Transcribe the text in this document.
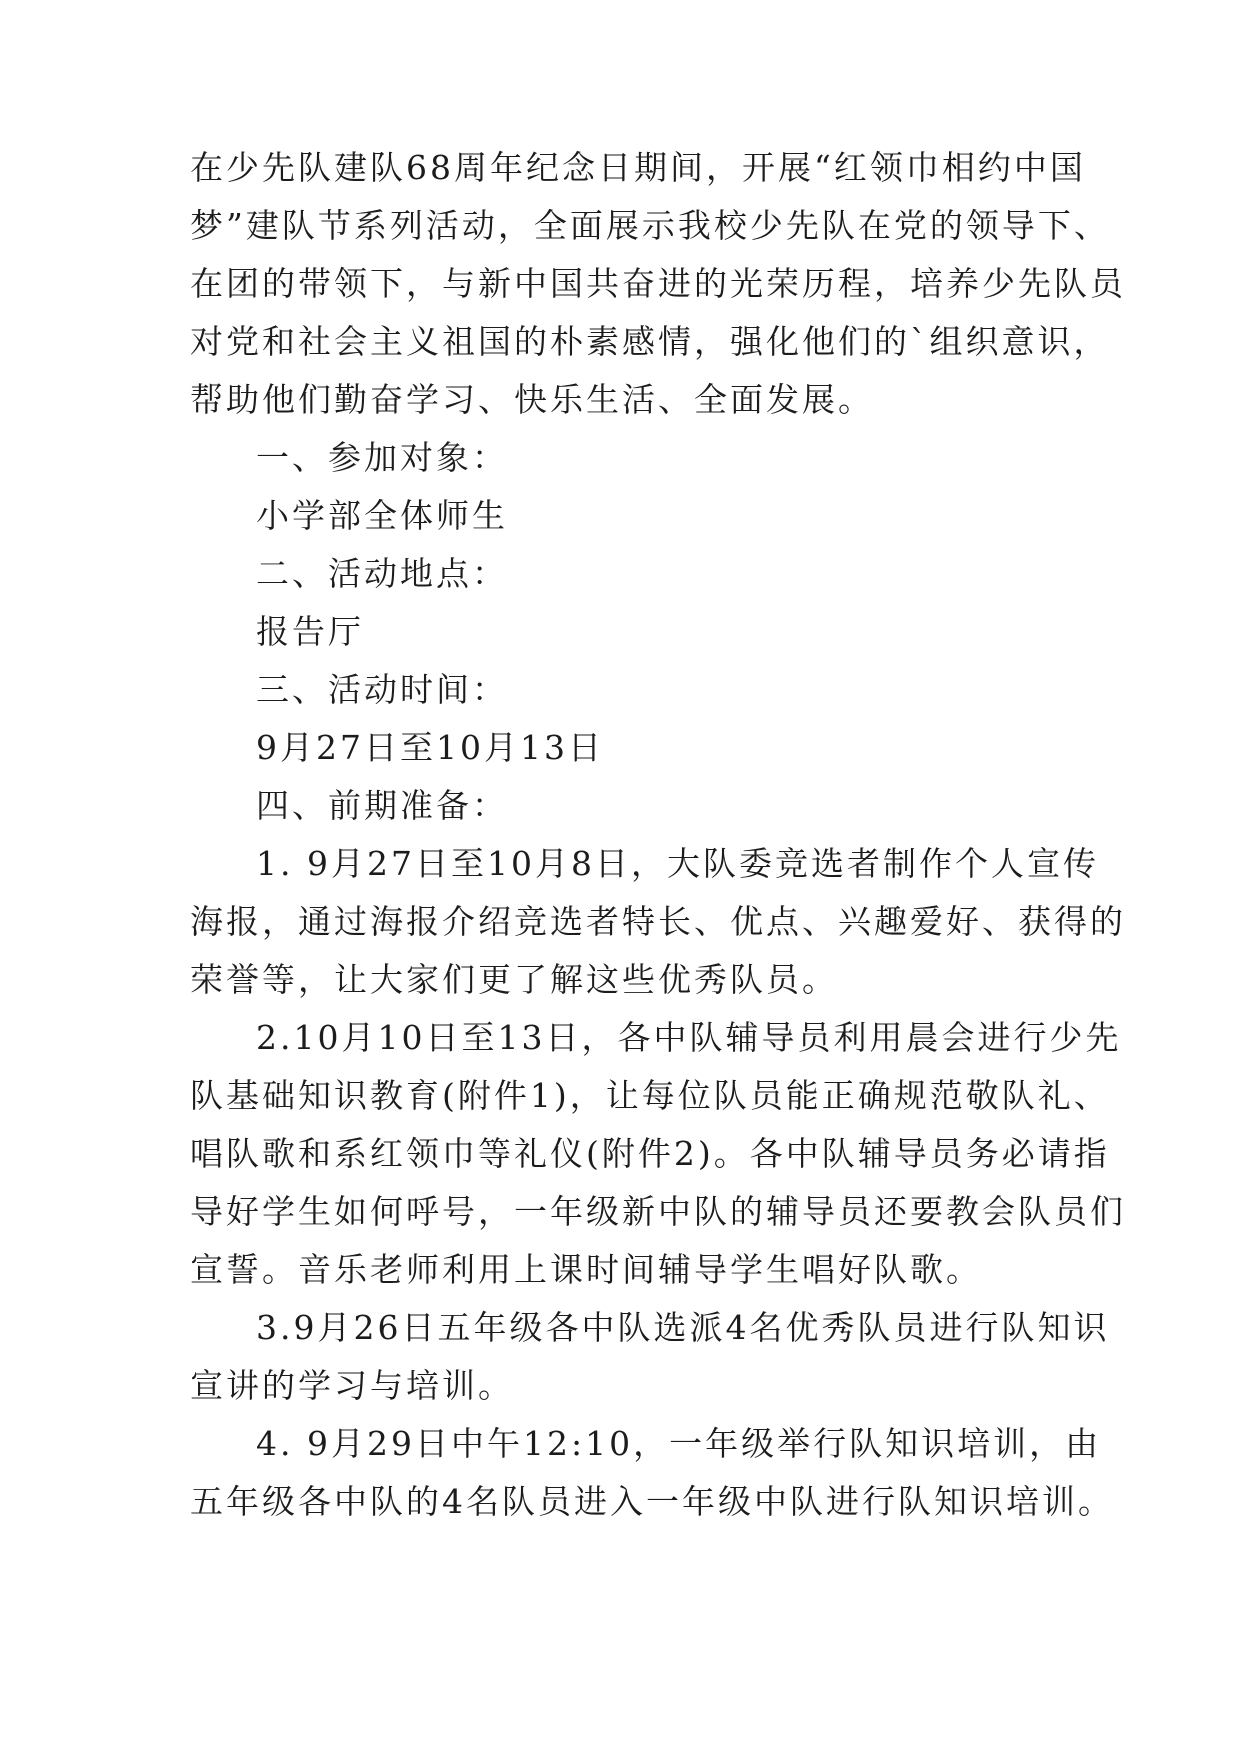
在少先队建队68周年纪念日期间，开展“红领巾相约中国
梦”建队节系列活动，全面展示我校少先队在党的领导下、
在团的带领下，与新中国共奋进的光荣历程，培养少先队员
对党和社会主义祖国的朴素感情，强化他们的`组织意识，
帮助他们勤奋学习、快乐生活、全面发展。
一、参加对象：
小学部全体师生
二、活动地点：
报告厅
三、活动时间：
9月27日至10月13日
四、前期准备：
1. 9月27日至10月8日，大队委竞选者制作个人宣传
海报，通过海报介绍竞选者特长、优点、兴趣爱好、获得的
荣誉等，让大家们更了解这些优秀队员。
2.10月10日至13日，各中队辅导员利用晨会进行少先
队基础知识教育(附件1)，让每位队员能正确规范敬队礼、
唱队歌和系红领巾等礼仪(附件2)。各中队辅导员务必请指
导好学生如何呼号，一年级新中队的辅导员还要教会队员们
宣誓。音乐老师利用上课时间辅导学生唱好队歌。
3.9月26日五年级各中队选派4名优秀队员进行队知识
宣讲的学习与培训。
4. 9月29日中午12:10，一年级举行队知识培训，由
五年级各中队的4名队员进入一年级中队进行队知识培训。
